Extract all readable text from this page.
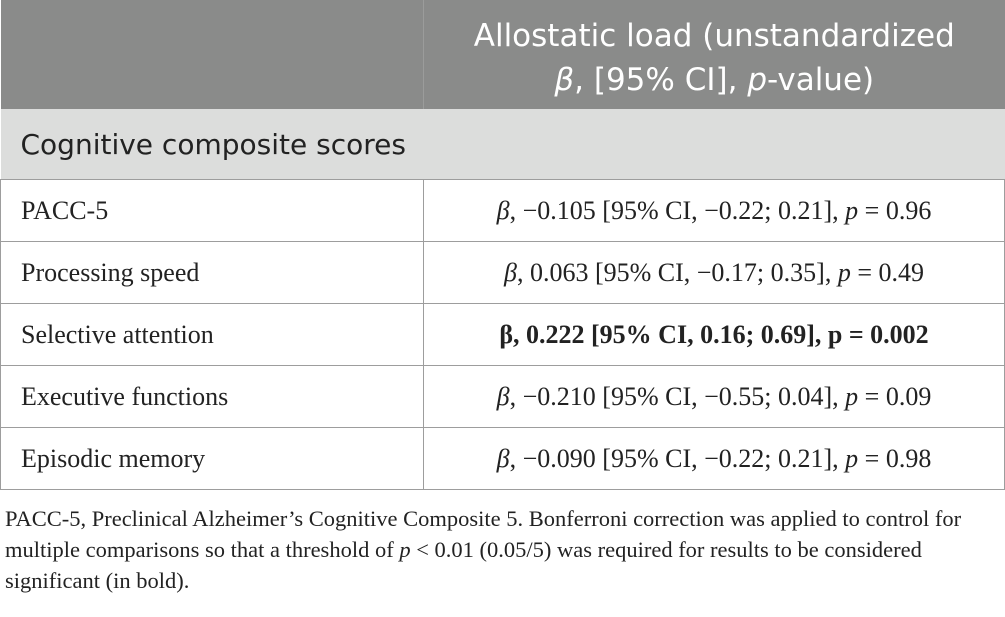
	Allostatic load (unstandardized
β, [95% CI], p-value)

Cognitive composite scores	
PACC-5	β, −0.105 [95% CI, −0.22; 0.21], p = 0.96
Processing speed	β, 0.063 [95% CI, −0.17; 0.35], p = 0.49
Selective attention	β, 0.222 [95% CI, 0.16; 0.69], p = 0.002
Executive functions	β, −0.210 [95% CI, −0.55; 0.04], p = 0.09
Episodic memory	β, −0.090 [95% CI, −0.22; 0.21], p = 0.98
PACC-5, Preclinical Alzheimer’s Cognitive Composite 5. Bonferroni correction was applied to control for multiple comparisons so that a threshold of p < 0.01 (0.05/5) was required for results to be considered significant (in bold).
